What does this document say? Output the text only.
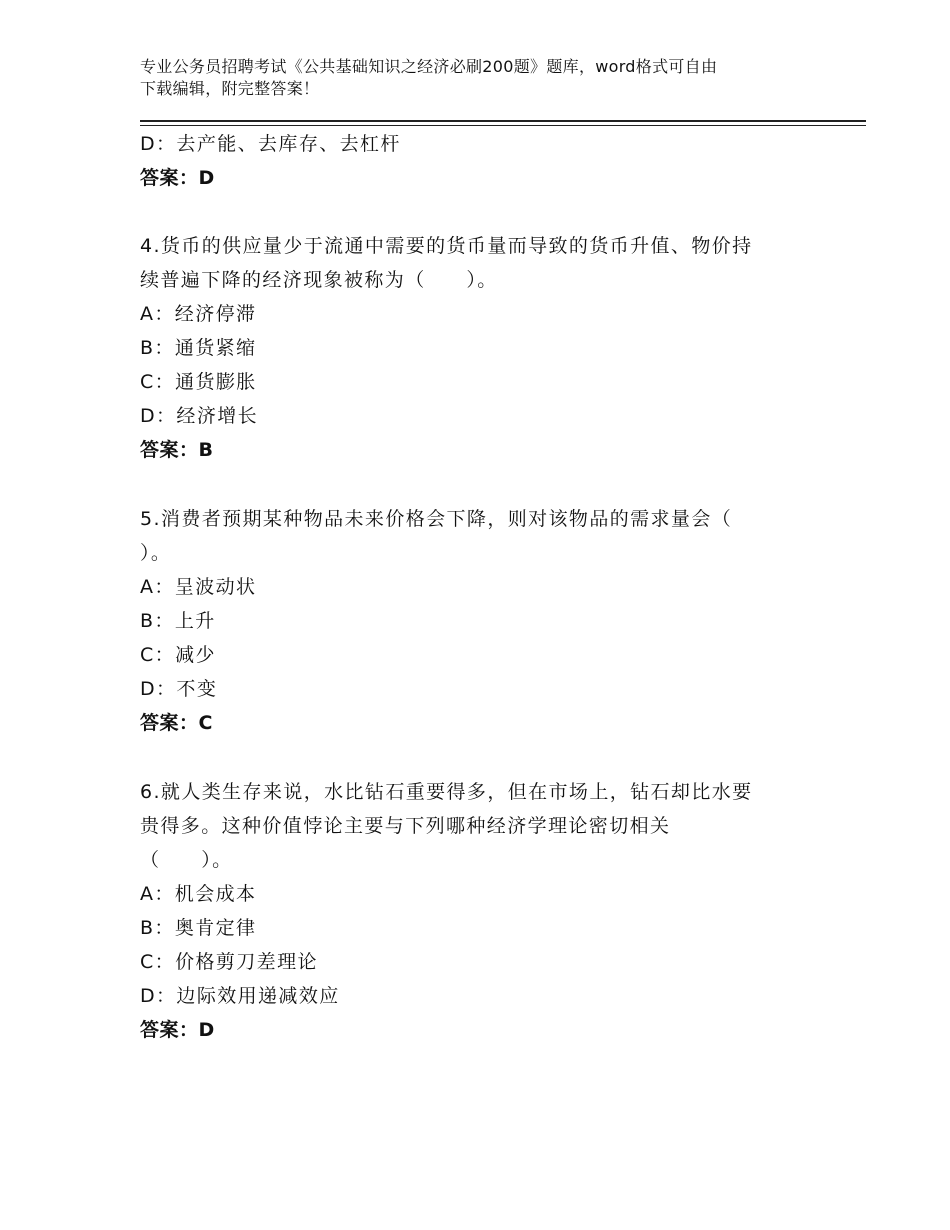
专业公务员招聘考试《公共基础知识之经济必刷200题》题库，word格式可自由
下载编辑，附完整答案！
D：去产能、去库存、去杠杆
答案：D
4.货币的供应量少于流通中需要的货币量而导致的货币升值、物价持
续普遍下降的经济现象被称为（　　）。
A：经济停滞
B：通货紧缩
C：通货膨胀
D：经济增长
答案：B
5.消费者预期某种物品未来价格会下降，则对该物品的需求量会（
）。
A：呈波动状
B：上升
C：减少
D：不变
答案：C
6.就人类生存来说，水比钻石重要得多，但在市场上，钻石却比水要
贵得多。这种价值悖论主要与下列哪种经济学理论密切相关
（　　）。
A：机会成本
B：奥肯定律
C：价格剪刀差理论
D：边际效用递减效应
答案：D
